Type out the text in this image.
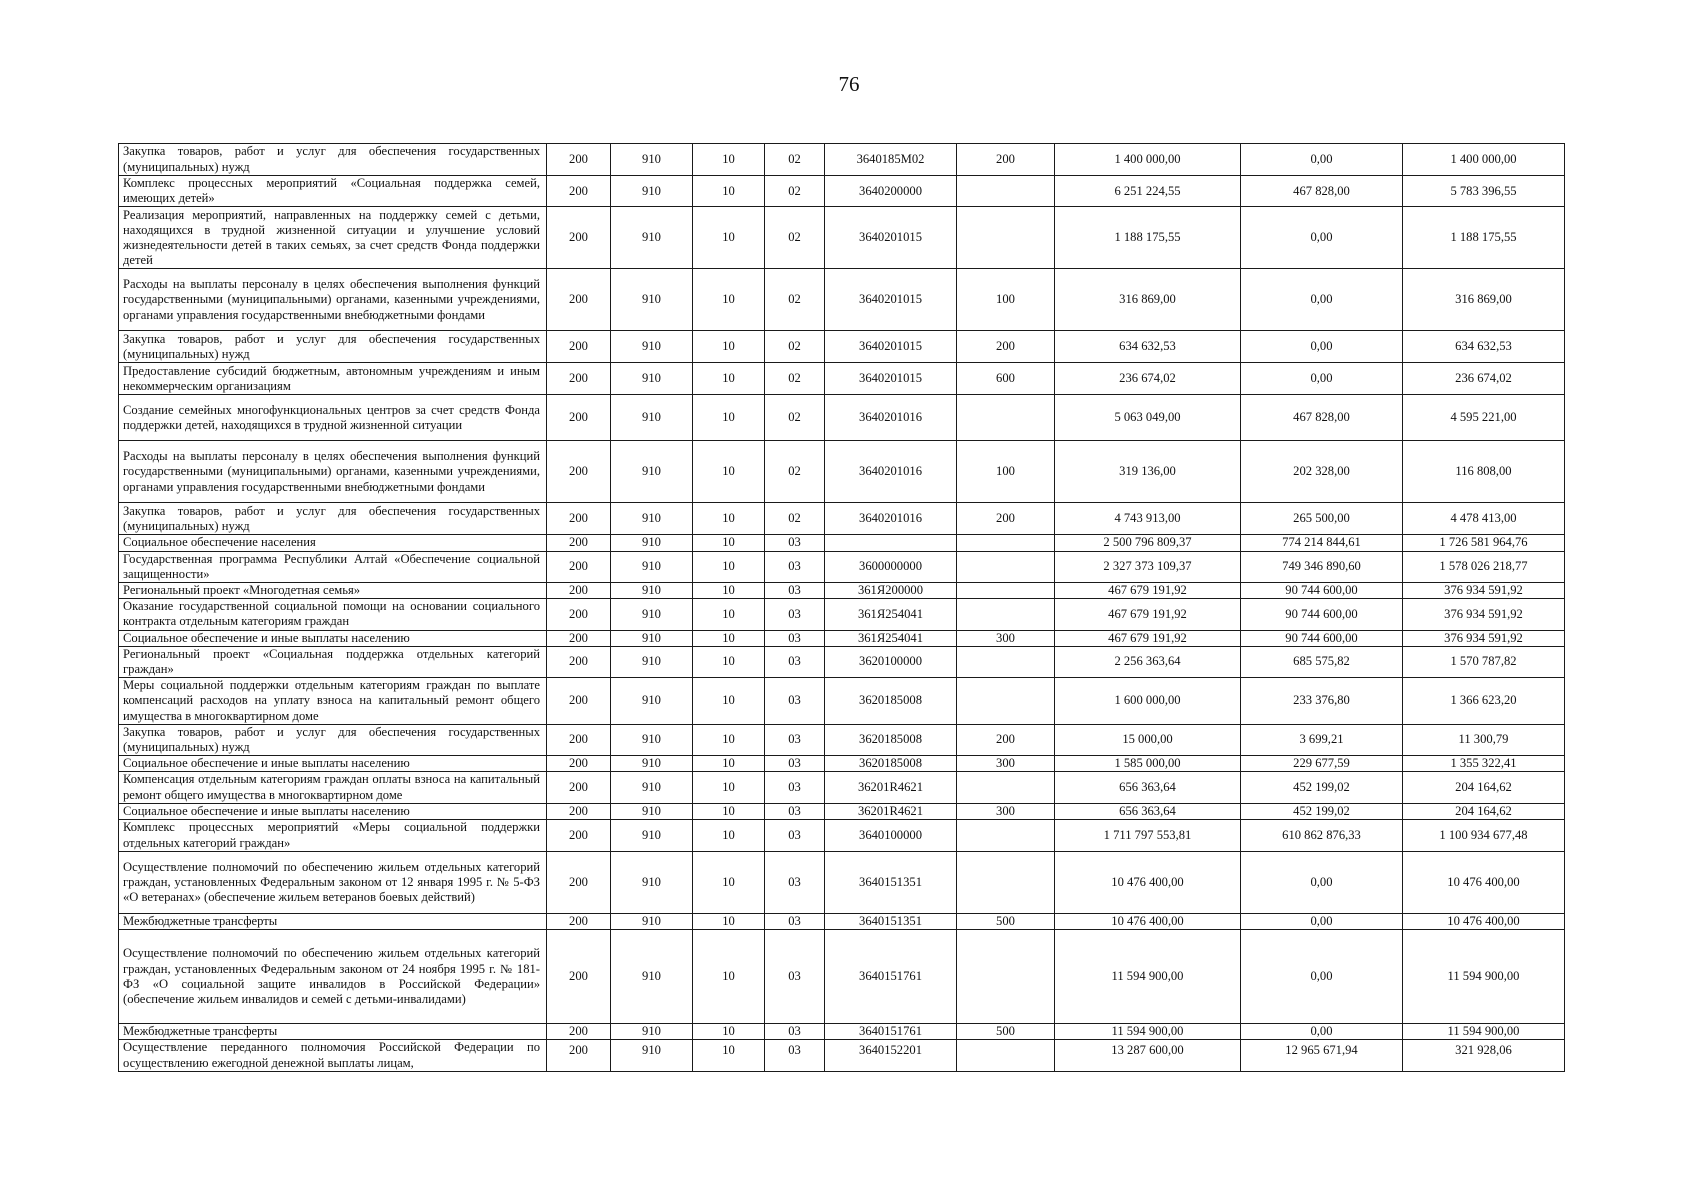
76
Закупка товаров, работ и услуг для обеспечения государственных (муниципальных) нужд	200	910	10	02	3640185М02	200	1 400 000,00	0,00	1 400 000,00
Комплекс процессных мероприятий «Социальная поддержка семей, имеющих детей»	200	910	10	02	3640200000		6 251 224,55	467 828,00	5 783 396,55
Реализация мероприятий, направленных на поддержку семей с детьми, находящихся в трудной жизненной ситуации и улучшение условий жизнедеятельности детей в таких семьях, за счет средств Фонда поддержки детей	200	910	10	02	3640201015		1 188 175,55	0,00	1 188 175,55
Расходы на выплаты персоналу в целях обеспечения выполнения функций государственными (муниципальными) органами, казенными учреждениями, органами управления государственными внебюджетными фондами	200	910	10	02	3640201015	100	316 869,00	0,00	316 869,00
Закупка товаров, работ и услуг для обеспечения государственных (муниципальных) нужд	200	910	10	02	3640201015	200	634 632,53	0,00	634 632,53
Предоставление субсидий бюджетным, автономным учреждениям и иным некоммерческим организациям	200	910	10	02	3640201015	600	236 674,02	0,00	236 674,02
Создание семейных многофункциональных центров за счет средств Фонда поддержки детей, находящихся в трудной жизненной ситуации	200	910	10	02	3640201016		5 063 049,00	467 828,00	4 595 221,00
Расходы на выплаты персоналу в целях обеспечения выполнения функций государственными (муниципальными) органами, казенными учреждениями, органами управления государственными внебюджетными фондами	200	910	10	02	3640201016	100	319 136,00	202 328,00	116 808,00
Закупка товаров, работ и услуг для обеспечения государственных (муниципальных) нужд	200	910	10	02	3640201016	200	4 743 913,00	265 500,00	4 478 413,00
Социальное обеспечение населения	200	910	10	03			2 500 796 809,37	774 214 844,61	1 726 581 964,76
Государственная программа Республики Алтай «Обеспечение социальной защищенности»	200	910	10	03	3600000000		2 327 373 109,37	749 346 890,60	1 578 026 218,77
Региональный проект «Многодетная семья»	200	910	10	03	361Я200000		467 679 191,92	90 744 600,00	376 934 591,92
Оказание государственной социальной помощи на основании социального контракта отдельным категориям граждан	200	910	10	03	361Я254041		467 679 191,92	90 744 600,00	376 934 591,92
Социальное обеспечение и иные выплаты населению	200	910	10	03	361Я254041	300	467 679 191,92	90 744 600,00	376 934 591,92
Региональный проект «Социальная поддержка отдельных категорий граждан»	200	910	10	03	3620100000		2 256 363,64	685 575,82	1 570 787,82
Меры социальной поддержки отдельным категориям граждан по выплате компенсаций расходов на уплату взноса на капитальный ремонт общего имущества в многоквартирном доме	200	910	10	03	3620185008		1 600 000,00	233 376,80	1 366 623,20
Закупка товаров, работ и услуг для обеспечения государственных (муниципальных) нужд	200	910	10	03	3620185008	200	15 000,00	3 699,21	11 300,79
Социальное обеспечение и иные выплаты населению	200	910	10	03	3620185008	300	1 585 000,00	229 677,59	1 355 322,41
Компенсация отдельным категориям граждан оплаты взноса на капитальный ремонт общего имущества в многоквартирном доме	200	910	10	03	36201R4621		656 363,64	452 199,02	204 164,62
Социальное обеспечение и иные выплаты населению	200	910	10	03	36201R4621	300	656 363,64	452 199,02	204 164,62
Комплекс процессных мероприятий «Меры социальной поддержки отдельных категорий граждан»	200	910	10	03	3640100000		1 711 797 553,81	610 862 876,33	1 100 934 677,48
Осуществление полномочий по обеспечению жильем отдельных категорий граждан, установленных Федеральным законом от 12 января 1995 г. № 5-ФЗ «О ветеранах» (обеспечение жильем ветеранов боевых действий)	200	910	10	03	3640151351		10 476 400,00	0,00	10 476 400,00
Межбюджетные трансферты	200	910	10	03	3640151351	500	10 476 400,00	0,00	10 476 400,00
Осуществление полномочий по обеспечению жильем отдельных категорий граждан, установленных Федеральным законом от 24 ноября 1995 г. № 181-ФЗ «О социальной защите инвалидов в Российской Федерации» (обеспечение жильем инвалидов и семей с детьми-инвалидами)	200	910	10	03	3640151761		11 594 900,00	0,00	11 594 900,00
Межбюджетные трансферты	200	910	10	03	3640151761	500	11 594 900,00	0,00	11 594 900,00
Осуществление переданного полномочия Российской Федерации по осуществлению ежегодной денежной выплаты лицам,	200	910	10	03	3640152201		13 287 600,00	12 965 671,94	321 928,06
